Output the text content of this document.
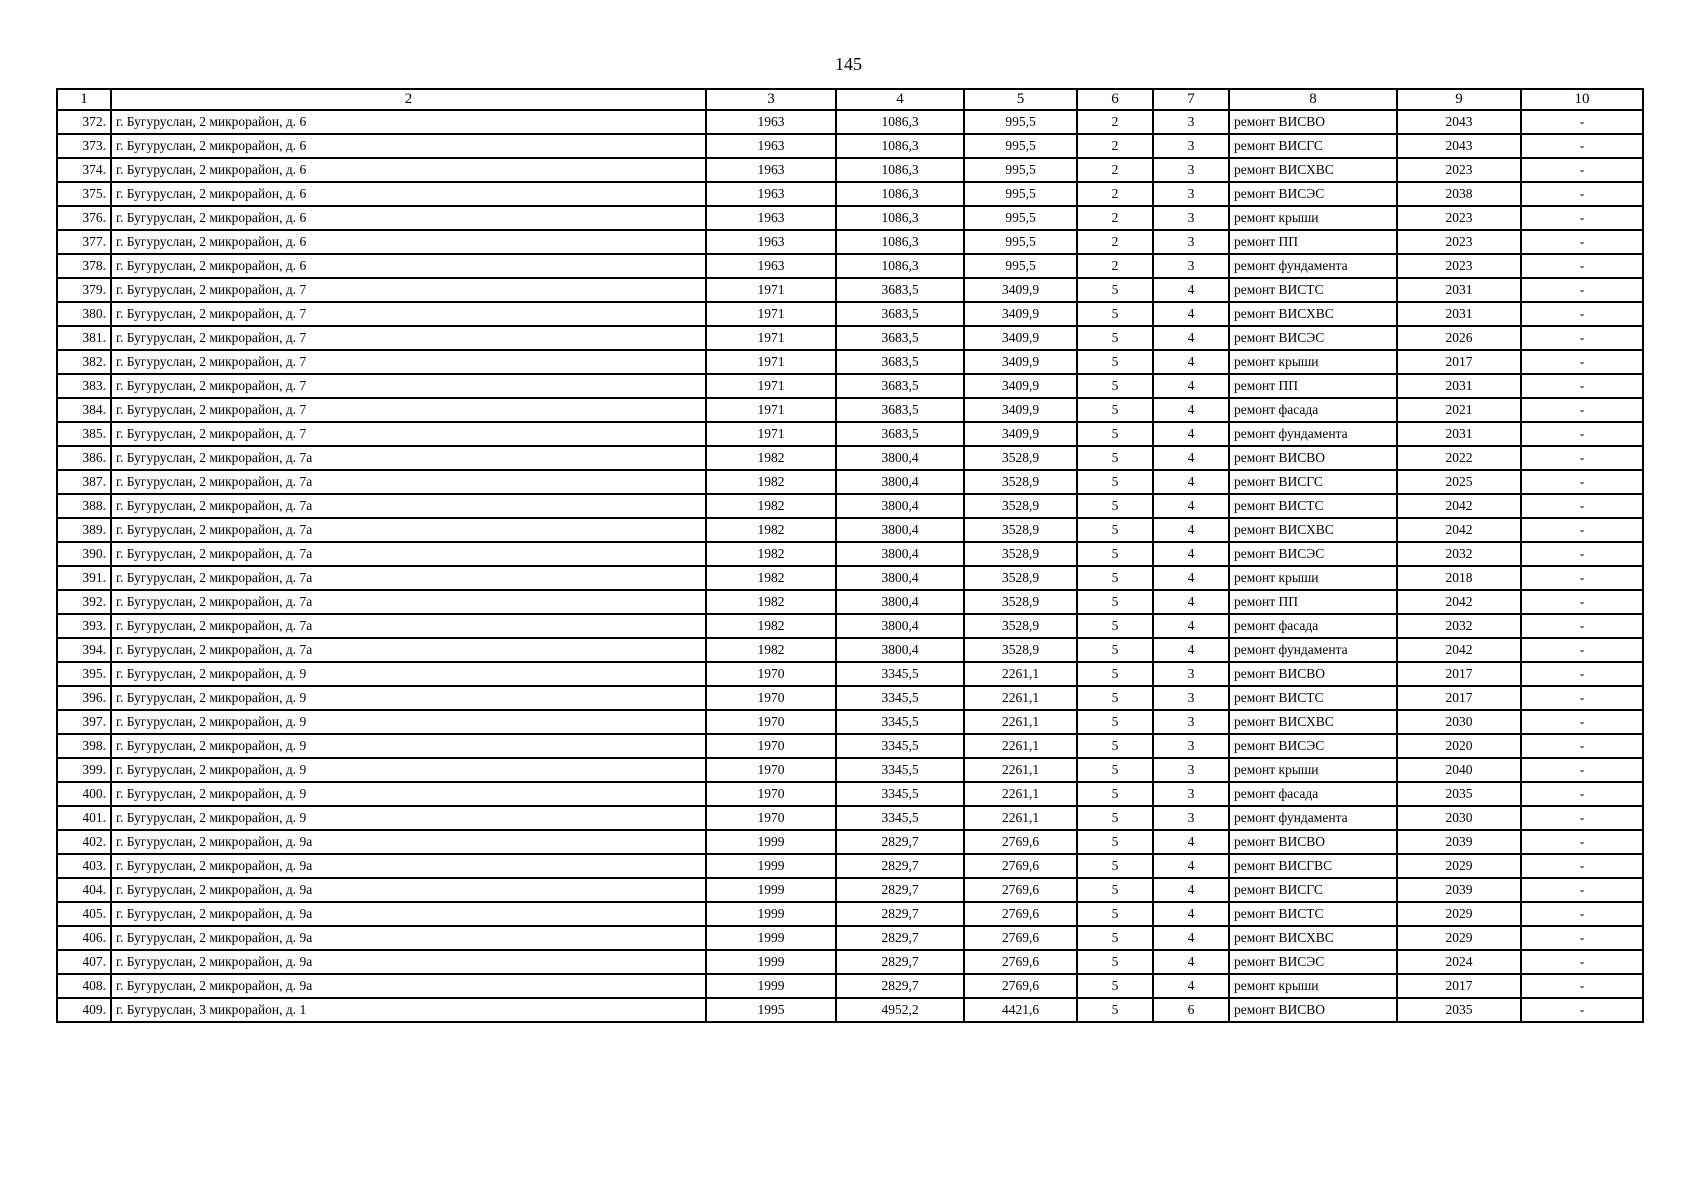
145
1	2	3	4	5	6	7	8	9	10
372.	г. Бугуруслан, 2 микрорайон, д. 6	1963	1086,3	995,5	2	3	ремонт ВИСВО	2043	-
373.	г. Бугуруслан, 2 микрорайон, д. 6	1963	1086,3	995,5	2	3	ремонт ВИСГС	2043	-
374.	г. Бугуруслан, 2 микрорайон, д. 6	1963	1086,3	995,5	2	3	ремонт ВИСХВС	2023	-
375.	г. Бугуруслан, 2 микрорайон, д. 6	1963	1086,3	995,5	2	3	ремонт ВИСЭС	2038	-
376.	г. Бугуруслан, 2 микрорайон, д. 6	1963	1086,3	995,5	2	3	ремонт крыши	2023	-
377.	г. Бугуруслан, 2 микрорайон, д. 6	1963	1086,3	995,5	2	3	ремонт ПП	2023	-
378.	г. Бугуруслан, 2 микрорайон, д. 6	1963	1086,3	995,5	2	3	ремонт фундамента	2023	-
379.	г. Бугуруслан, 2 микрорайон, д. 7	1971	3683,5	3409,9	5	4	ремонт ВИСТС	2031	-
380.	г. Бугуруслан, 2 микрорайон, д. 7	1971	3683,5	3409,9	5	4	ремонт ВИСХВС	2031	-
381.	г. Бугуруслан, 2 микрорайон, д. 7	1971	3683,5	3409,9	5	4	ремонт ВИСЭС	2026	-
382.	г. Бугуруслан, 2 микрорайон, д. 7	1971	3683,5	3409,9	5	4	ремонт крыши	2017	-
383.	г. Бугуруслан, 2 микрорайон, д. 7	1971	3683,5	3409,9	5	4	ремонт ПП	2031	-
384.	г. Бугуруслан, 2 микрорайон, д. 7	1971	3683,5	3409,9	5	4	ремонт фасада	2021	-
385.	г. Бугуруслан, 2 микрорайон, д. 7	1971	3683,5	3409,9	5	4	ремонт фундамента	2031	-
386.	г. Бугуруслан, 2 микрорайон, д. 7а	1982	3800,4	3528,9	5	4	ремонт ВИСВО	2022	-
387.	г. Бугуруслан, 2 микрорайон, д. 7а	1982	3800,4	3528,9	5	4	ремонт ВИСГС	2025	-
388.	г. Бугуруслан, 2 микрорайон, д. 7а	1982	3800,4	3528,9	5	4	ремонт ВИСТС	2042	-
389.	г. Бугуруслан, 2 микрорайон, д. 7а	1982	3800,4	3528,9	5	4	ремонт ВИСХВС	2042	-
390.	г. Бугуруслан, 2 микрорайон, д. 7а	1982	3800,4	3528,9	5	4	ремонт ВИСЭС	2032	-
391.	г. Бугуруслан, 2 микрорайон, д. 7а	1982	3800,4	3528,9	5	4	ремонт крыши	2018	-
392.	г. Бугуруслан, 2 микрорайон, д. 7а	1982	3800,4	3528,9	5	4	ремонт ПП	2042	-
393.	г. Бугуруслан, 2 микрорайон, д. 7а	1982	3800,4	3528,9	5	4	ремонт фасада	2032	-
394.	г. Бугуруслан, 2 микрорайон, д. 7а	1982	3800,4	3528,9	5	4	ремонт фундамента	2042	-
395.	г. Бугуруслан, 2 микрорайон, д. 9	1970	3345,5	2261,1	5	3	ремонт ВИСВО	2017	-
396.	г. Бугуруслан, 2 микрорайон, д. 9	1970	3345,5	2261,1	5	3	ремонт ВИСТС	2017	-
397.	г. Бугуруслан, 2 микрорайон, д. 9	1970	3345,5	2261,1	5	3	ремонт ВИСХВС	2030	-
398.	г. Бугуруслан, 2 микрорайон, д. 9	1970	3345,5	2261,1	5	3	ремонт ВИСЭС	2020	-
399.	г. Бугуруслан, 2 микрорайон, д. 9	1970	3345,5	2261,1	5	3	ремонт крыши	2040	-
400.	г. Бугуруслан, 2 микрорайон, д. 9	1970	3345,5	2261,1	5	3	ремонт фасада	2035	-
401.	г. Бугуруслан, 2 микрорайон, д. 9	1970	3345,5	2261,1	5	3	ремонт фундамента	2030	-
402.	г. Бугуруслан, 2 микрорайон, д. 9а	1999	2829,7	2769,6	5	4	ремонт ВИСВО	2039	-
403.	г. Бугуруслан, 2 микрорайон, д. 9а	1999	2829,7	2769,6	5	4	ремонт ВИСГВС	2029	-
404.	г. Бугуруслан, 2 микрорайон, д. 9а	1999	2829,7	2769,6	5	4	ремонт ВИСГС	2039	-
405.	г. Бугуруслан, 2 микрорайон, д. 9а	1999	2829,7	2769,6	5	4	ремонт ВИСТС	2029	-
406.	г. Бугуруслан, 2 микрорайон, д. 9а	1999	2829,7	2769,6	5	4	ремонт ВИСХВС	2029	-
407.	г. Бугуруслан, 2 микрорайон, д. 9а	1999	2829,7	2769,6	5	4	ремонт ВИСЭС	2024	-
408.	г. Бугуруслан, 2 микрорайон, д. 9а	1999	2829,7	2769,6	5	4	ремонт крыши	2017	-
409.	г. Бугуруслан, 3 микрорайон, д. 1	1995	4952,2	4421,6	5	6	ремонт ВИСВО	2035	-
